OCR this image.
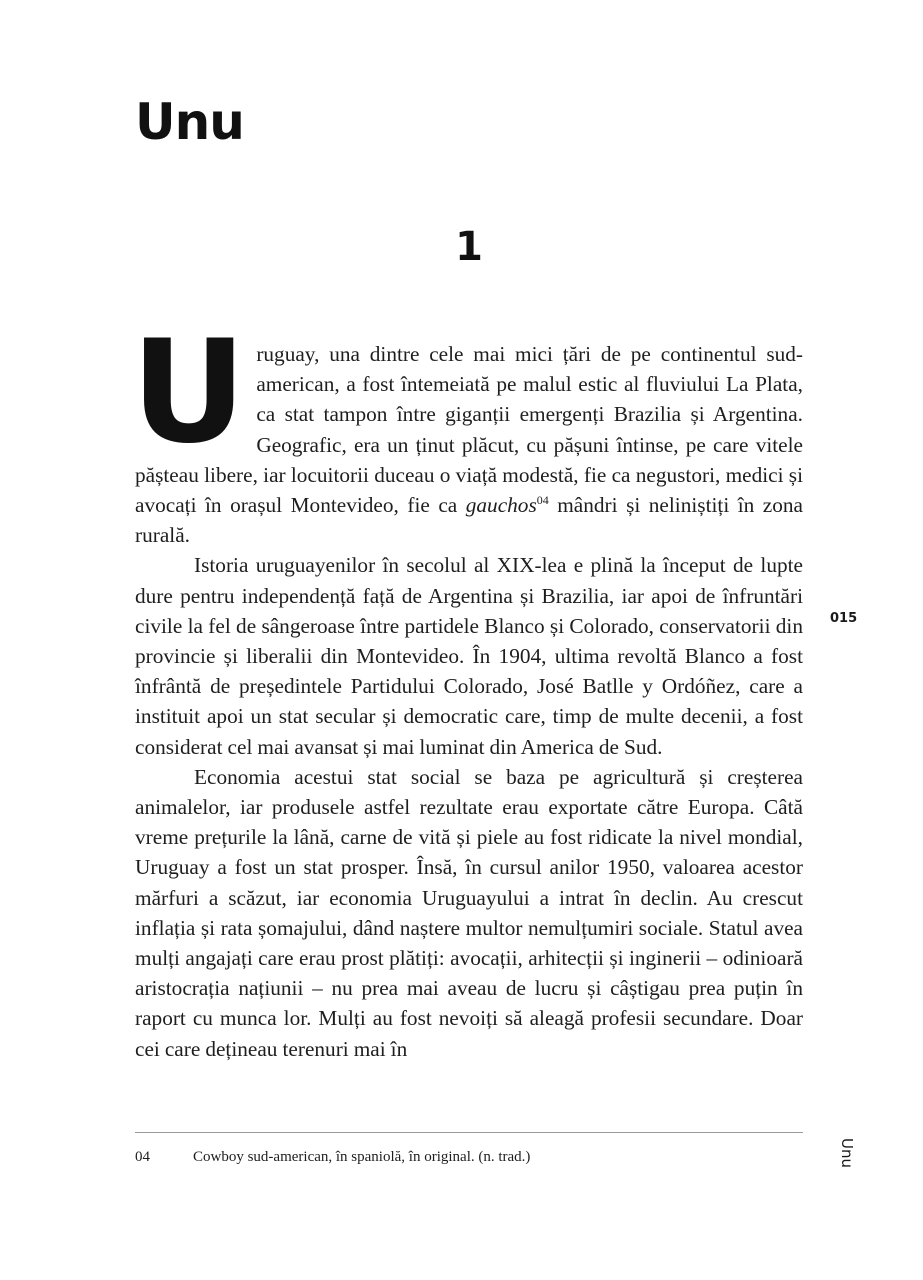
Unu
1

Uruguay, una dintre cele mai mici țări de pe continentul sud-american, a fost întemeiată pe malul estic al fluviului La Plata, ca stat tampon între giganții emergenți Brazilia și Argentina. Geografic, era un ținut plăcut, cu pășuni întinse, pe care vitele pășteau libere, iar locuitorii duceau o viață modestă, fie ca negustori, medici și avocați în orașul Montevideo, fie ca gauchos$^{04}$ mândri și neliniștiți în zona rurală.

Istoria uruguayenilor în secolul al XIX-lea e plină la început de lupte dure pentru independență față de Argentina și Brazilia, iar apoi de înfruntări civile la fel de sângeroase între partidele Blanco și Colorado, conservatorii din provincie și liberalii din Montevideo. În 1904, ultima revoltă Blanco a fost înfrântă de președintele Partidului Colorado, José Batlle y Ordóñez, care a instituit apoi un stat secular și democratic care, timp de multe decenii, a fost considerat cel mai avansat și mai luminat din America de Sud.

Economia acestui stat social se baza pe agricultură și creșterea animalelor, iar produsele astfel rezultate erau exportate către Europa. Câtă vreme prețurile la lână, carne de vită și piele au fost ridicate la nivel mondial, Uruguay a fost un stat prosper. Însă, în cursul anilor 1950, valoarea acestor mărfuri a scăzut, iar economia Uruguayului a intrat în declin. Au crescut inflația și rata șomajului, dând naștere multor nemulțumiri sociale. Statul avea mulți angajați care erau prost plătiți: avocații, arhitecții și inginerii – odinioară aristocrația națiunii – nu prea mai aveau de lucru și câștigau prea puțin în raport cu munca lor. Mulți au fost nevoiți să aleagă profesii secundare. Doar cei care dețineau terenuri mai în

015
Unu
04	Cowboy sud-american, în spaniolă, în original. (n. trad.)
